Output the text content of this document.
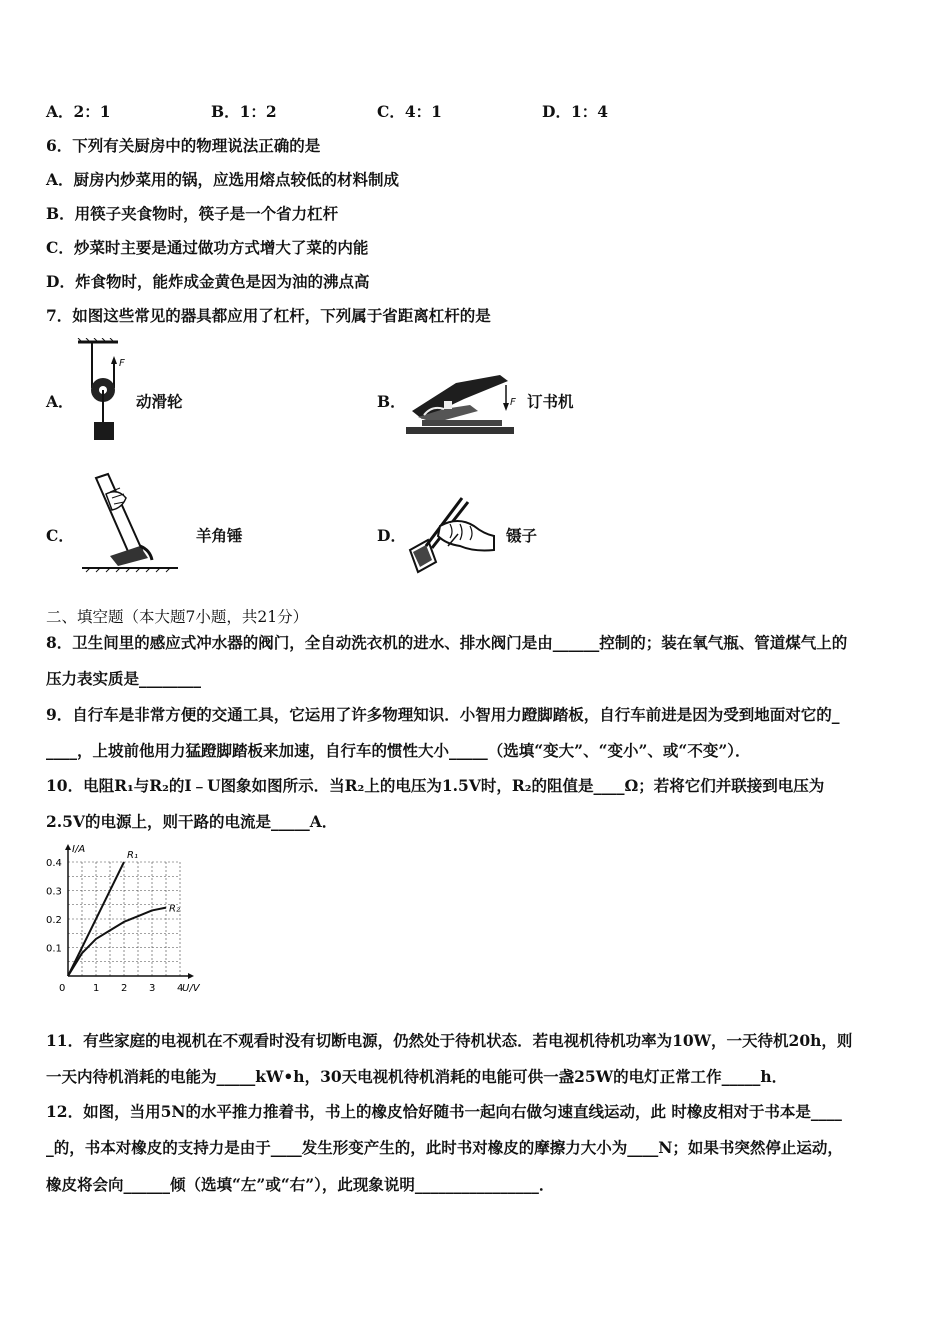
A．2：1	B．1：2	C．4：1	D．1：4
6．下列有关厨房中的物理说法正确的是
A．厨房内炒菜用的锅，应选用熔点较低的材料制成
B．用筷子夹食物时，筷子是一个省力杠杆
C．炒菜时主要是通过做功方式增大了菜的内能
D．炸食物时，能炸成金黄色是因为油的沸点高
7．如图这些常见的器具都应用了杠杆，下列属于省距离杠杆的是
A．
F
动滑轮	B．	F 订书机
C．	羊角锤	D．	镊子
二、填空题（本大题7小题，共21分）
8．卫生间里的感应式冲水器的阀门，全自动洗衣机的进水、排水阀门是由______控制的；装在氧气瓶、管道煤气上的
压力表实质是________
9．自行车是非常方便的交通工具，它运用了许多物理知识．小智用力蹬脚踏板，自行车前进是因为受到地面对它的_
____，上坡前他用力猛蹬脚踏板来加速，自行车的惯性大小_____（选填“变大”、“变小”、或“不变”）．
10．电阻R₁与R₂的I﹣U图象如图所示．当R₂上的电压为1.5V时，R₂的阻值是____Ω；若将它们并联接到电压为
2.5V的电源上，则干路的电流是_____A．
I/A
U/V
0	1 2 3 4
0.1
0.2
0.3
0.4
R₁
R₂
11．有些家庭的电视机在不观看时没有切断电源，仍然处于待机状态．若电视机待机功率为10W，一天待机20h，则
一天内待机消耗的电能为_____kW•h，30天电视机待机消耗的电能可供一盏25W的电灯正常工作_____h．
12．如图，当用5N的水平推力推着书，书上的橡皮恰好随书一起向右做匀速直线运动，此 时橡皮相对于书本是____
_的，书本对橡皮的支持力是由于____发生形变产生的，此时书对橡皮的摩擦力大小为____N；如果书突然停止运动，
橡皮将会向______倾（选填“左”或“右”），此现象说明________________．
